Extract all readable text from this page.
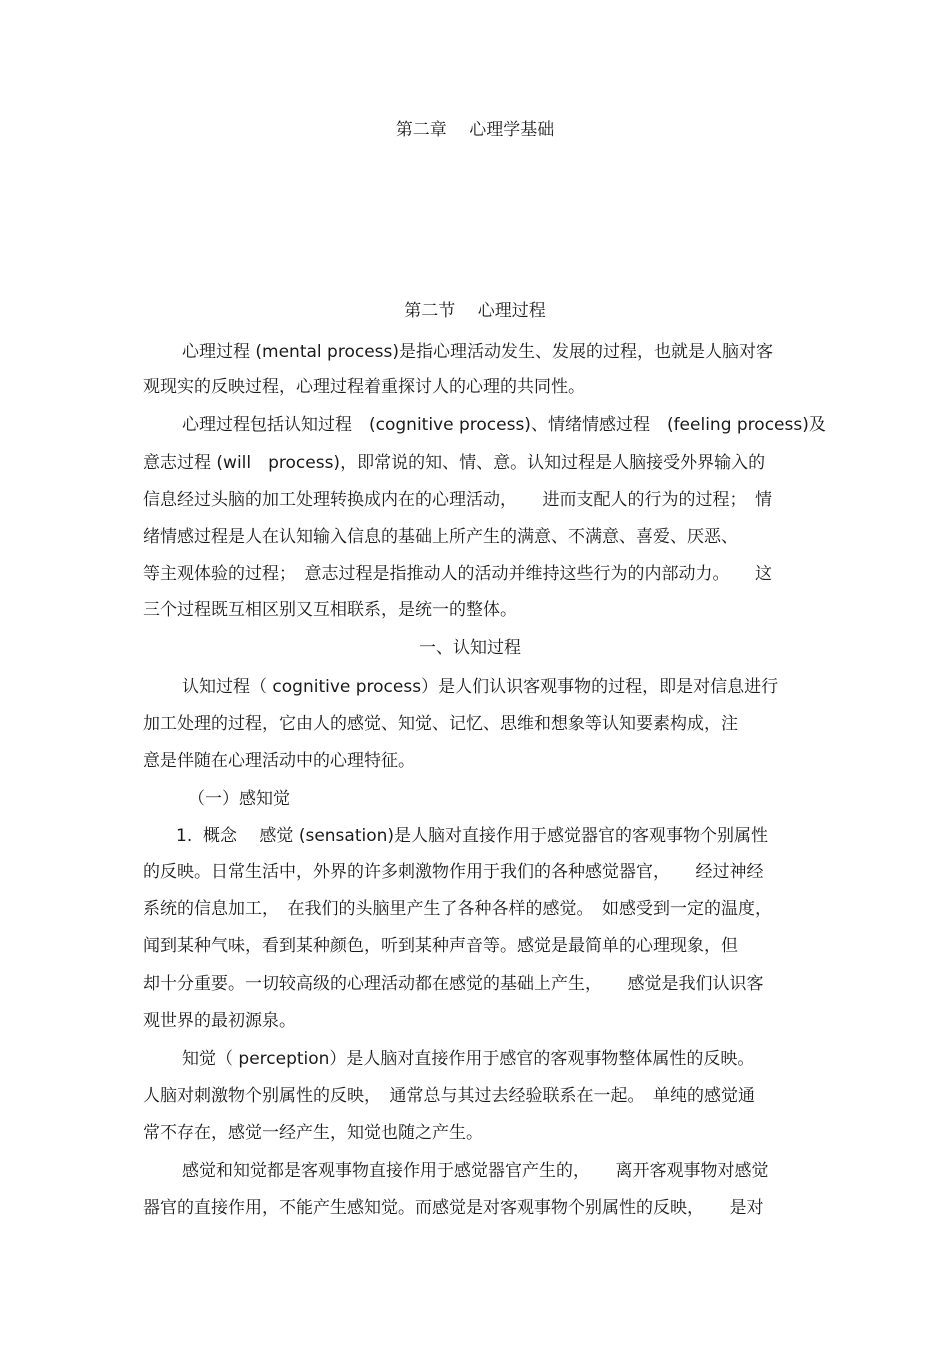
第二章　 心理学基础

第二节　 心理过程

心理过程 (mental process)是指心理活动发生、发展的过程，也就是人脑对客

观现实的反映过程，心理过程着重探讨人的心理的共同性。

心理过程包括认知过程　(cognitive process)、情绪情感过程　(feeling process)及

意志过程 (will　process)，即常说的知、情、意。认知过程是人脑接受外界输入的

信息经过头脑的加工处理转换成内在的心理活动，　　进而支配人的行为的过程；　情

绪情感过程是人在认知输入信息的基础上所产生的满意、不满意、喜爱、厌恶、

等主观体验的过程；　意志过程是指推动人的活动并维持这些行为的内部动力。　　这

三个过程既互相区别又互相联系，是统一的整体。

一、认知过程

认知过程（ cognitive process）是人们认识客观事物的过程，即是对信息进行

加工处理的过程，它由人的感觉、知觉、记忆、思维和想象等认知要素构成，注

意是伴随在心理活动中的心理特征。

（一）感知觉

1.  概念　 感觉 (sensation)是人脑对直接作用于感觉器官的客观事物个别属性

的反映。日常生活中，外界的许多刺激物作用于我们的各种感觉器官，　　经过神经

系统的信息加工，　在我们的头脑里产生了各种各样的感觉。　如感受到一定的温度，

闻到某种气味，看到某种颜色，听到某种声音等。感觉是最简单的心理现象，但

却十分重要。一切较高级的心理活动都在感觉的基础上产生，　　感觉是我们认识客

观世界的最初源泉。

知觉（ perception）是人脑对直接作用于感官的客观事物整体属性的反映。

人脑对刺激物个别属性的反映，　通常总与其过去经验联系在一起。　单纯的感觉通

常不存在，感觉一经产生，知觉也随之产生。

感觉和知觉都是客观事物直接作用于感觉器官产生的，　　离开客观事物对感觉

器官的直接作用，不能产生感知觉。而感觉是对客观事物个别属性的反映，　　是对
